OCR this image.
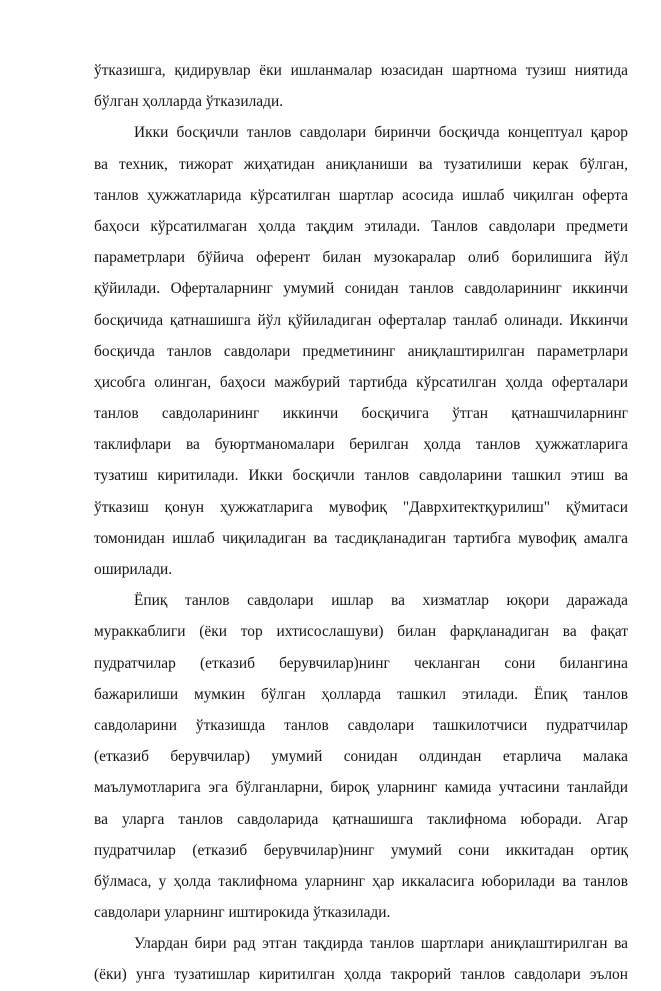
ўтказишга, қидирувлар ёки ишланмалар юзасидан шартнома тузиш ниятида
бўлган ҳолларда ўтказилади.
Икки босқичли танлов савдолари биринчи босқичда концептуал қарор
ва техник, тижорат жиҳатидан аниқланиши ва тузатилиши керак бўлган,
танлов ҳужжатларида кўрсатилган шартлар асосида ишлаб чиқилган оферта
баҳоси кўрсатилмаган ҳолда тақдим этилади. Танлов савдолари предмети
параметрлари бўйича оферент билан музокаралар олиб борилишига йўл
қўйилади. Офертaларнинг умумий сонидан танлов савдоларининг иккинчи
босқичида қатнашишга йўл қўйиладиган оферталар танлаб олинади. Иккинчи
босқичда танлов савдолари предметининг аниқлаштирилган параметрлари
ҳисобга олинган, баҳоси мажбурий тартибда кўрсатилган ҳолда оферталари
танлов савдоларининг иккинчи босқичига ўтган қатнашчиларнинг
таклифлари ва буюртманомалари берилган ҳолда танлов ҳужжатларига
тузатиш киритилади. Икки босқичли танлов савдоларини ташкил этиш ва
ўтказиш қонун ҳужжатларига мувофиқ "Даврхитектқурилиш" қўмитаси
томонидан ишлаб чиқиладиган ва тасдиқланадиган тартибга мувофиқ амалга
оширилади.
Ёпиқ танлов савдолари ишлар ва хизматлар юқори даражада
мураккаблиги (ёки тор ихтисослашуви) билан фарқланадиган ва фақат
пудратчилар (етказиб берувчилар)нинг чекланган сони билангина
бажарилиши мумкин бўлган ҳолларда ташкил этилади. Ёпиқ танлов
савдоларини ўтказишда танлов савдолари ташкилотчиси пудратчилар
(етказиб берувчилар) умумий сонидан олдиндан етарлича малака
маълумотларига эга бўлганларни, бироқ уларнинг камида учтасини танлайди
ва уларга танлов савдоларида қатнашишга таклифнома юборади. Агар
пудратчилар (етказиб берувчилар)нинг умумий сони иккитадан ортиқ
бўлмаса, у ҳолда таклифнома уларнинг ҳар иккаласига юборилади ва танлов
савдолари уларнинг иштирокида ўтказилади.
Улардан бири рад этган тақдирда танлов шартлари аниқлаштирилган ва
(ёки) унга тузатишлар киритилган ҳолда такрорий танлов савдолари эълон
